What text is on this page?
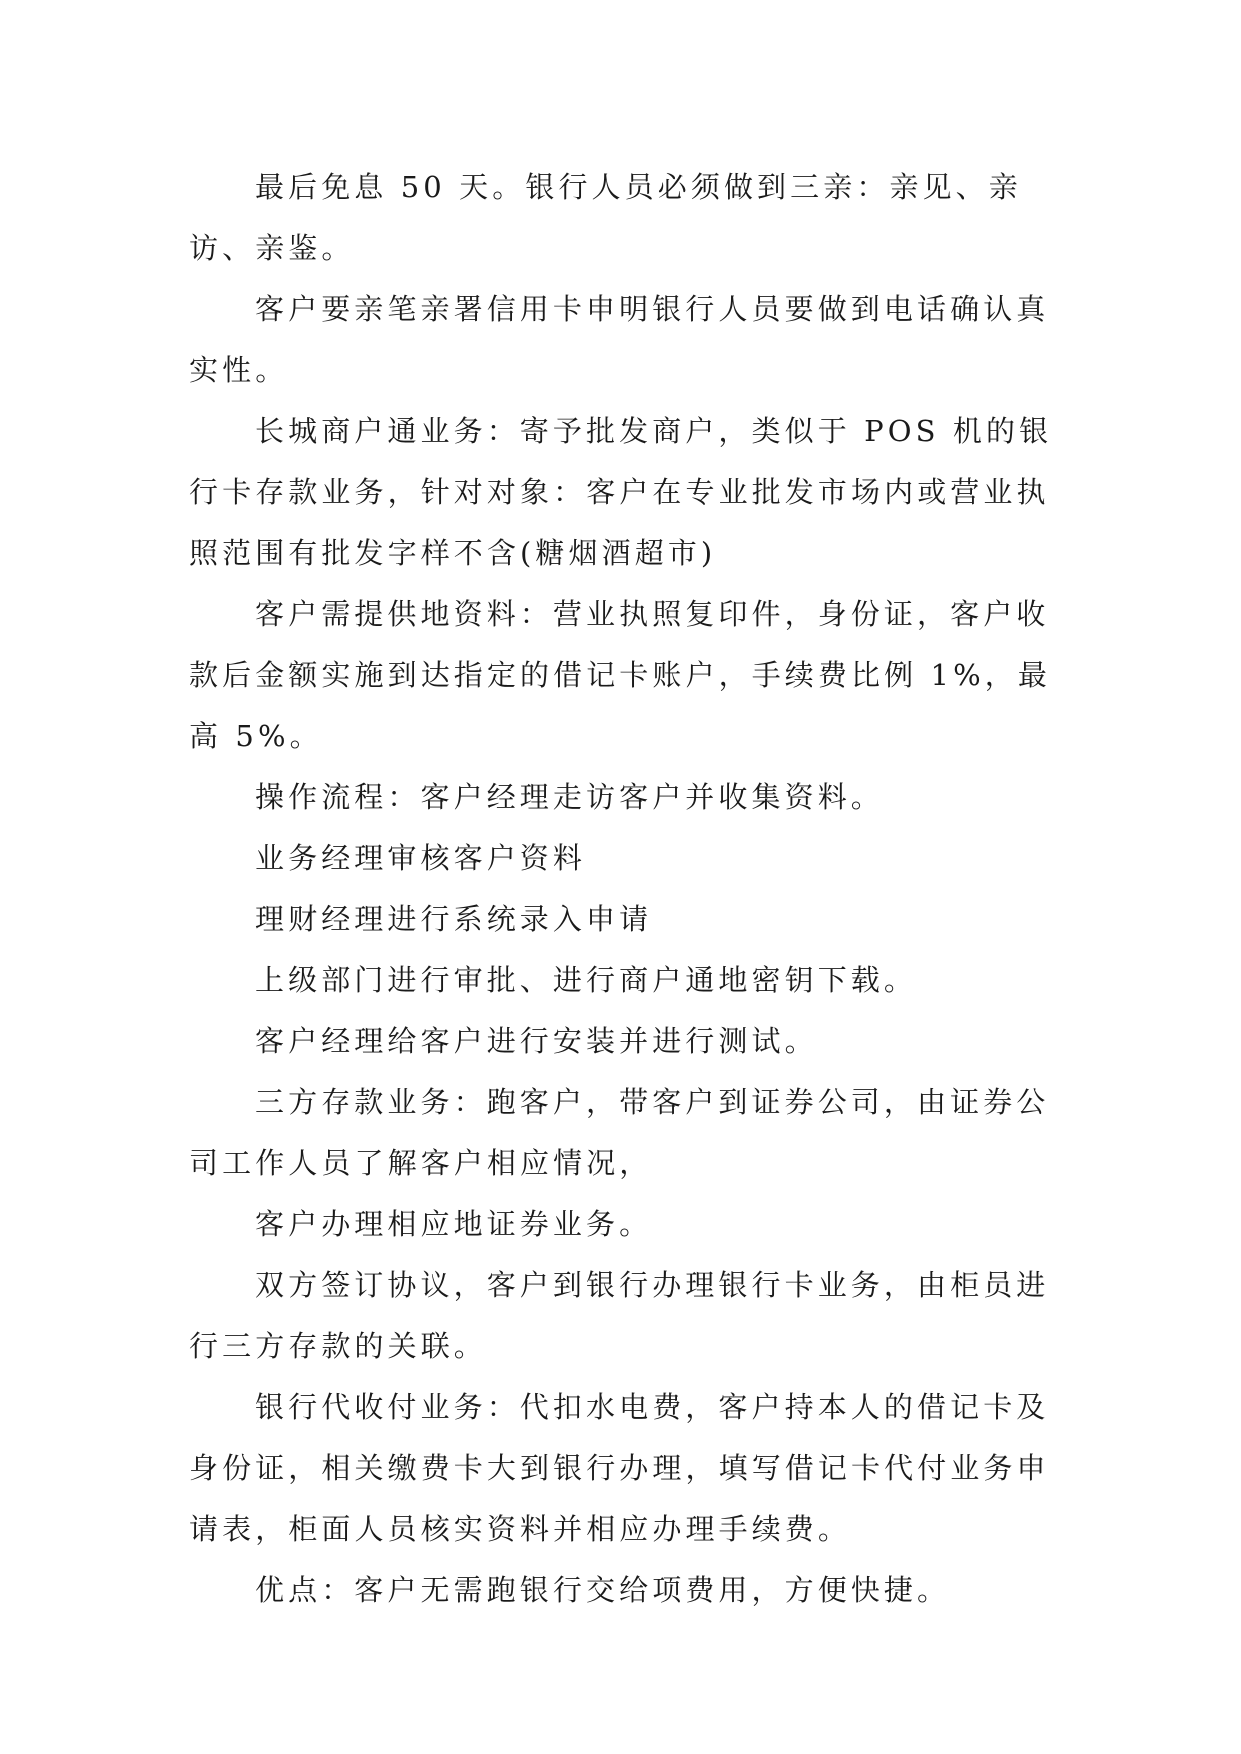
最后免息 50 天。银行人员必须做到三亲：亲见、亲访、亲鉴。

客户要亲笔亲署信用卡申明银行人员要做到电话确认真实性。

长城商户通业务：寄予批发商户，类似于 POS 机的银行卡存款业务，针对对象：客户在专业批发市场内或营业执照范围有批发字样不含(糖烟酒超市)

客户需提供地资料：营业执照复印件，身份证，客户收款后金额实施到达指定的借记卡账户，手续费比例 1%，最高 5%。

操作流程：客户经理走访客户并收集资料。

业务经理审核客户资料

理财经理进行系统录入申请

上级部门进行审批、进行商户通地密钥下载。

客户经理给客户进行安装并进行测试。

三方存款业务：跑客户，带客户到证券公司，由证券公司工作人员了解客户相应情况，

客户办理相应地证券业务。

双方签订协议，客户到银行办理银行卡业务，由柜员进行三方存款的关联。

银行代收付业务：代扣水电费，客户持本人的借记卡及身份证，相关缴费卡大到银行办理，填写借记卡代付业务申请表，柜面人员核实资料并相应办理手续费。

优点：客户无需跑银行交给项费用，方便快捷。
